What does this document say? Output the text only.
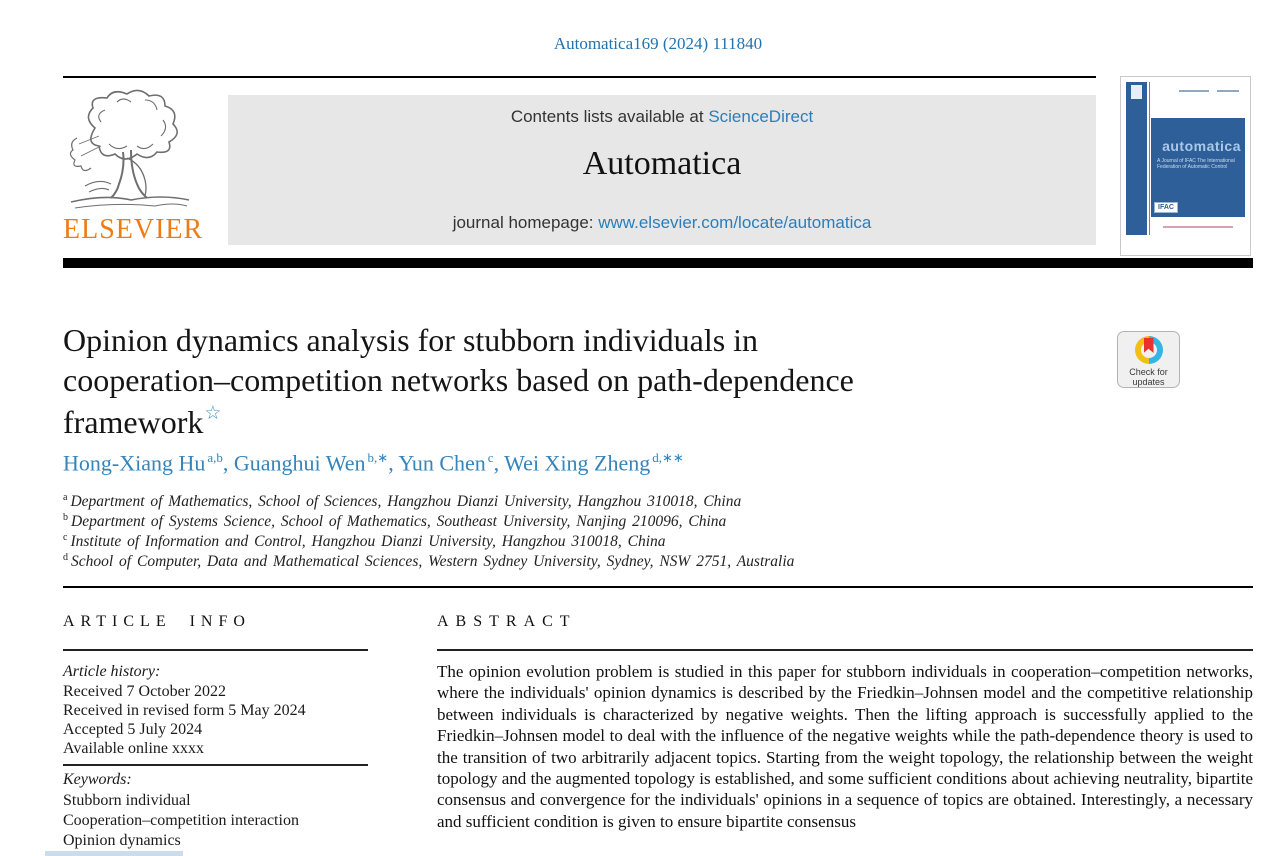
Automatica169 (2024) 111840
ELSEVIER
Contents lists available at ScienceDirect
Automatica
journal homepage: www.elsevier.com/locate/automatica
automatica
A Journal of IFAC The International Federation of Automatic Control
IFAC
Opinion dynamics analysis for stubborn individuals in
cooperation–competition networks based on path-dependence
framework☆
Check for
updates
Hong-Xiang Hu $^{a,b}$, Guanghui Wen $^{b,∗}$, Yun Chen $^c$, Wei Xing Zheng $^{d,∗∗}$
$^a$ Department of Mathematics, School of Sciences, Hangzhou Dianzi University, Hangzhou 310018, China
$^b$ Department of Systems Science, School of Mathematics, Southeast University, Nanjing 210096, China
$^c$ Institute of Information and Control, Hangzhou Dianzi University, Hangzhou 310018, China
$^d$ School of Computer, Data and Mathematical Sciences, Western Sydney University, Sydney, NSW 2751, Australia
ARTICLE INFO
Article history:
Received 7 October 2022
Received in revised form 5 May 2024
Accepted 5 July 2024
Available online xxxx
Keywords:
Stubborn individual
Cooperation–competition interaction
Opinion dynamics
ABSTRACT
The opinion evolution problem is studied in this paper for stubborn individuals in cooperation–competition networks, where the individuals' opinion dynamics is described by the Friedkin–Johnsen model and the competitive relationship between individuals is characterized by negative weights. Then the lifting approach is successfully applied to the Friedkin–Johnsen model to deal with the influence of the negative weights while the path-dependence theory is used to the transition of two arbitrarily adjacent topics. Starting from the weight topology, the relationship between the weight topology and the augmented topology is established, and some sufficient conditions about achieving neutrality, bipartite consensus and convergence for the individuals' opinions in a sequence of topics are obtained. Interestingly, a necessary and sufficient condition is given to ensure bipartite consensus
